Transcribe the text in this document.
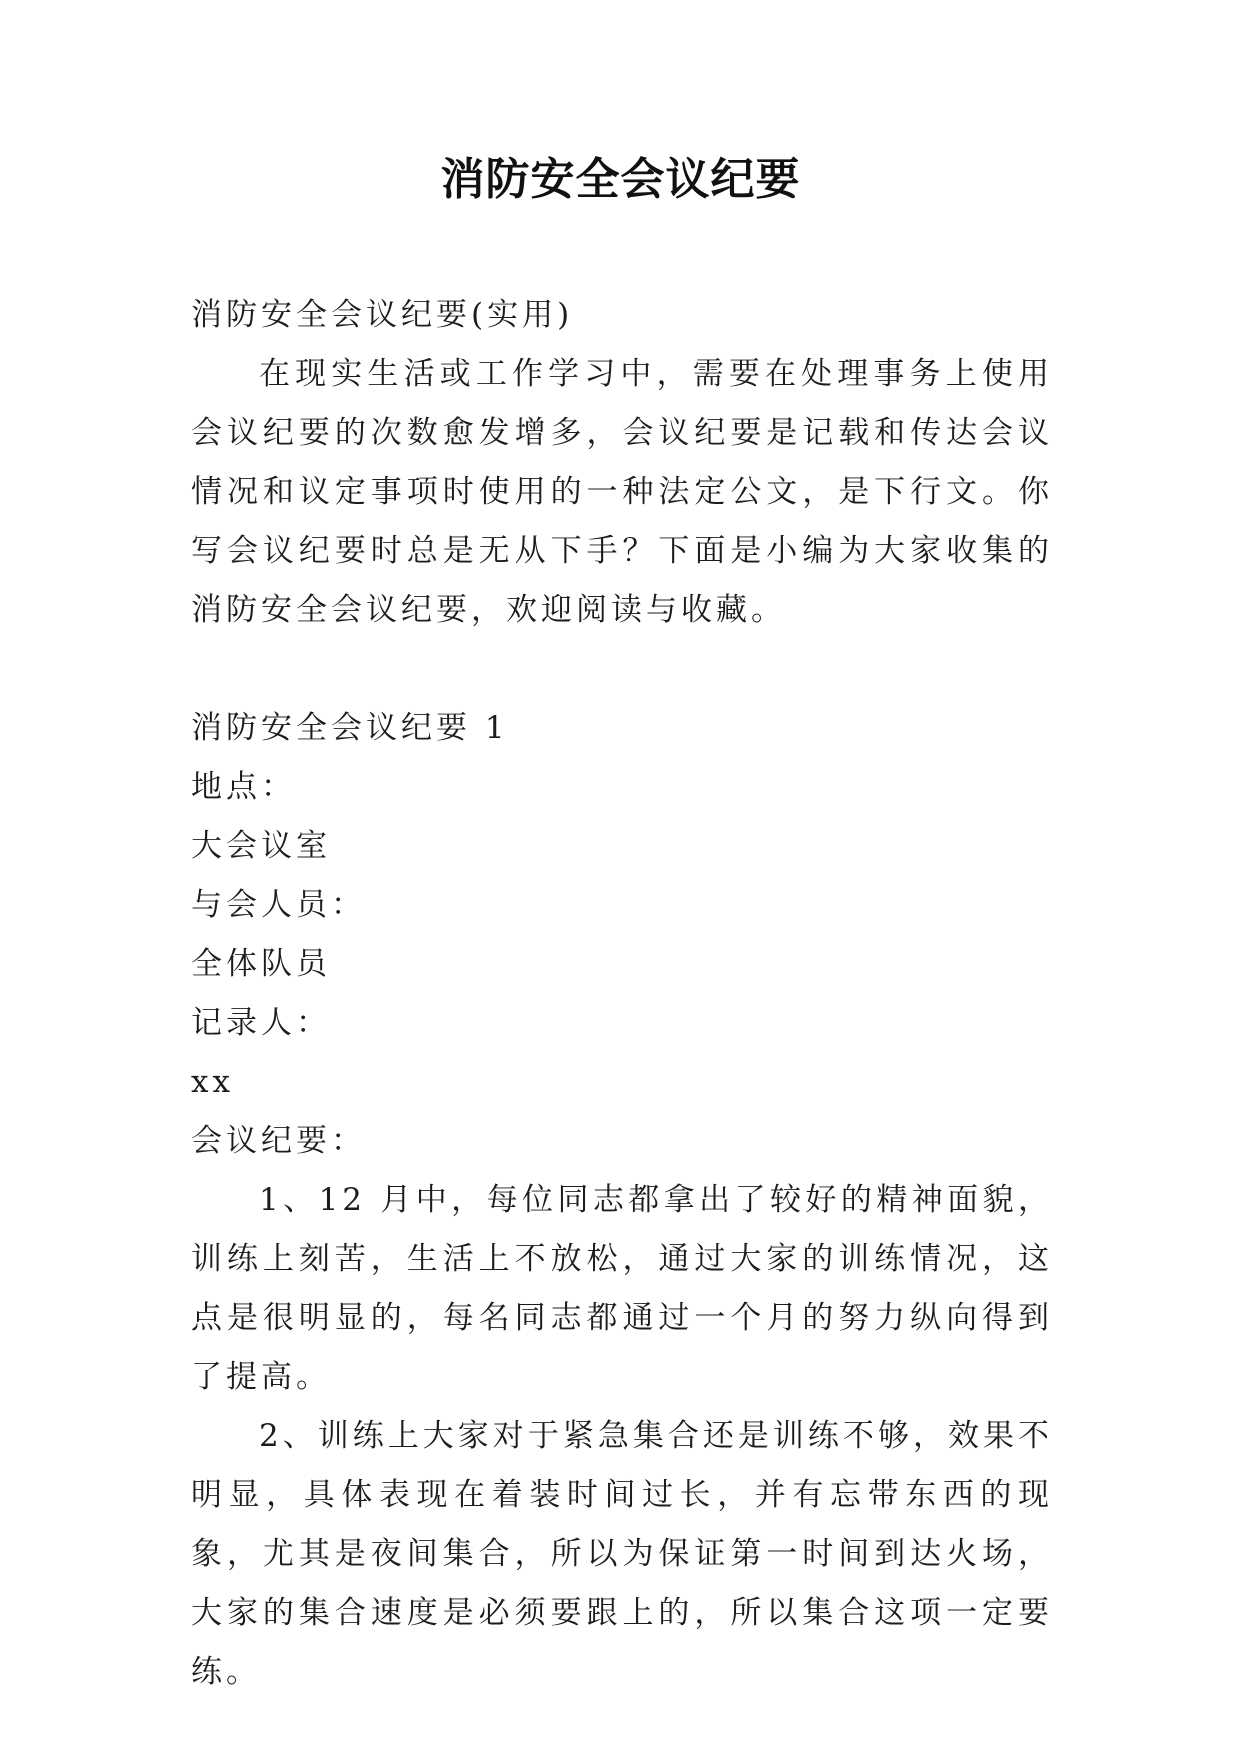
消防安全会议纪要

消防安全会议纪要(实用)

在现实生活或工作学习中，需要在处理事务上使用会议纪要的次数愈发增多，会议纪要是记载和传达会议情况和议定事项时使用的一种法定公文，是下行文。你写会议纪要时总是无从下手？下面是小编为大家收集的消防安全会议纪要，欢迎阅读与收藏。

消防安全会议纪要 1

地点：

大会议室

与会人员：

全体队员

记录人：

xx

会议纪要：

1、12 月中，每位同志都拿出了较好的精神面貌，训练上刻苦，生活上不放松，通过大家的训练情况，这点是很明显的，每名同志都通过一个月的努力纵向得到了提高。

2、训练上大家对于紧急集合还是训练不够，效果不明显，具体表现在着装时间过长，并有忘带东西的现象，尤其是夜间集合，所以为保证第一时间到达火场，大家的集合速度是必须要跟上的，所以集合这项一定要练。
